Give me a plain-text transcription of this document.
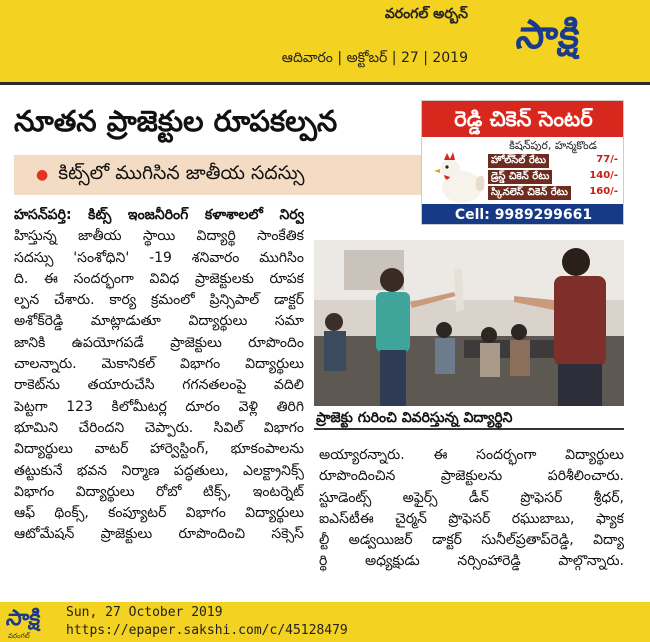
వరంగల్‌ అర్బన్‌
ఆదివారం | అక్టోబర్‌ | 27 | 2019 సాక్షి
నూతన ప్రాజెక్టుల రూపకల్పన
● కిట్స్‌లో ముగిసిన జాతీయ సదస్సు
రెడ్డి చికెన్‌ సెంటర్‌
కిషన్‌పుర, హన్మకొండ
హోల్‌సేల్‌ రేటు	77/-
డ్రెస్డ్‌ చికెన్‌ రేటు	140/-
స్కినలెస్‌ చికెన్‌ రేటు	160/-
Cell: 9989299661
హసన్‌పర్తి: కిట్స్‌ ఇంజనీరింగ్‌ కళాశాలలో నిర్వ
హిస్తున్న జాతీయ స్థాయి విద్యార్థి సాంకేతిక
సదస్సు 'సంశోధిని' -19 శనివారం ముగిసిం
ది. ఈ సందర్భంగా వివిధ ప్రాజెక్టులకు రూపక
ల్పన చేశారు. కార్య క్రమంలో ప్రిన్సిపాల్‌ డాక్టర్‌
అశోక్‌రెడ్డి మాట్లాడుతూ విద్యార్థులు సమా
జానికి ఉపయోగపడే ప్రాజెక్టులు రూపొందిం
చాలన్నారు. మెకానికల్‌ విభాగం విద్యార్థులు
రాకెట్‌ను తయారుచేసి గగనతలంపై వదిలి
పెట్టగా 123 కిలోమీటర్ల దూరం వెళ్లి తిరిగి
భూమిని చేరిందని చెప్పారు. సివిల్‌ విభాగం
విద్యార్థులు వాటర్‌ హార్వెస్టింగ్‌, భూకంపాలను
తట్టుకునే భవన నిర్మాణ పద్ధతులు, ఎలక్ట్రానిక్స్‌
విభాగం విద్యార్థులు రోబో టిక్స్‌, ఇంటర్నెట్‌
ఆఫ్‌ థింక్స్‌, కంప్యూటర్‌ విభాగం విద్యార్థులు
ఆటోమేషన్‌ ప్రాజెక్టులు రూపొందించి సక్సెస్‌
ప్రాజెక్టు గురించి వివరిస్తున్న విద్యార్థిని
అయ్యారన్నారు. ఈ సందర్భంగా విద్యార్థులు
రూపొందించిన ప్రాజెక్టులను పరిశీలించారు.
స్టూడెంట్స్‌ అఫైర్స్‌ డీన్‌ ప్రొఫెసర్‌ శ్రీధర్‌,
ఐఎస్‌టీఈ చైర్మన్‌ ప్రొఫెసర్‌ రఘుబాబు, ఫ్యాక
ల్టీ అడ్వయిజర్‌ డాక్టర్‌ సునీల్‌ప్రతాప్‌రెడ్డి, విద్యా
ర్థి అధ్యక్షుడు నర్సింహారెడ్డి పాల్గొన్నారు.
సాక్షి
వరంగల్‌
Sun, 27 October 2019
https://epaper.sakshi.com/c/45128479
